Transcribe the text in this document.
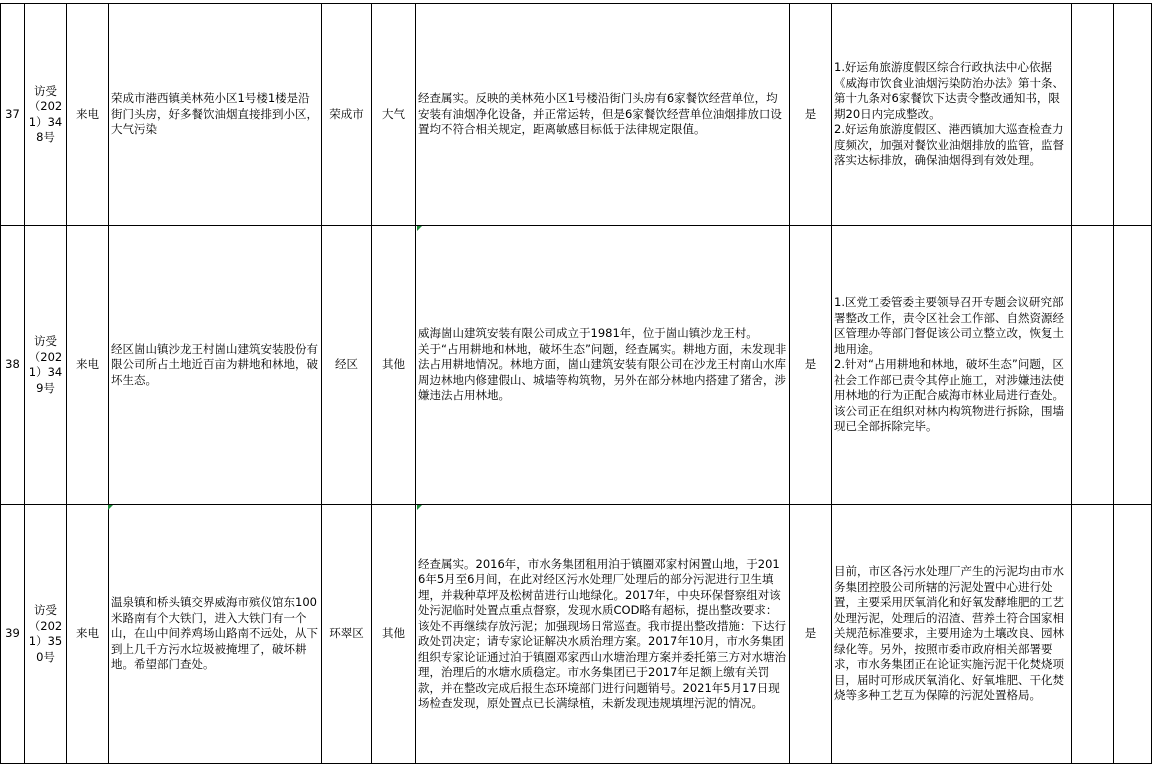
37	访受（2021）348号	来电	荣成市港西镇美林苑小区1号楼1楼是沿街门头房，好多餐饮油烟直接排到小区，大气污染	荣成市	大气	经查属实。反映的美林苑小区1号楼沿街门头房有6家餐饮经营单位，均安装有油烟净化设备，并正常运转，但是6家餐饮经营单位油烟排放口设置均不符合相关规定，距离敏感目标低于法律规定限值。	是	1.好运角旅游度假区综合行政执法中心依据《威海市饮食业油烟污染防治办法》第十条、第十九条对6家餐饮下达责令整改通知书，限期20日内完成整改。
2.好运角旅游度假区、港西镇加大巡查检查力度频次，加强对餐饮业油烟排放的监管，监督落实达标排放，确保油烟得到有效处理。		
38	访受（2021）349号	来电	经区崮山镇沙龙王村崮山建筑安装股份有限公司所占土地近百亩为耕地和林地，破坏生态。	经区	其他	威海崮山建筑安装有限公司成立于1981年，位于崮山镇沙龙王村。
关于“占用耕地和林地，破坏生态”问题，经查属实。耕地方面，未发现非法占用耕地情况。林地方面，崮山建筑安装有限公司在沙龙王村南山水库周边林地内修建假山、城墙等构筑物，另外在部分林地内搭建了猪舍，涉嫌违法占用林地。	是	1.区党工委管委主要领导召开专题会议研究部署整改工作，责令区社会工作部、自然资源经区管理办等部门督促该公司立整立改，恢复土地用途。
2.针对“占用耕地和林地，破坏生态”问题，区社会工作部已责令其停止施工，对涉嫌违法使用林地的行为正配合威海市林业局进行查处。该公司正在组织对林内构筑物进行拆除，围墙现已全部拆除完毕。		
39	访受（2021）350号	来电	温泉镇和桥头镇交界威海市殡仪馆东100米路南有个大铁门，进入大铁门有一个山，在山中间养鸡场山路南不远处，从下到上几千方污水垃圾被掩埋了，破坏耕地。希望部门查处。	环翠区	其他	经查属实。2016年，市水务集团租用泊于镇圈邓家村闲置山地，于2016年5月至6月间，在此对经区污水处理厂处理后的部分污泥进行卫生填埋，并栽种草坪及松树苗进行山地绿化。2017年，中央环保督察组对该处污泥临时处置点重点督察，发现水质COD略有超标，提出整改要求：该处不再继续存放污泥；加强现场日常巡查。我市提出整改措施：下达行政处罚决定；请专家论证解决水质治理方案。2017年10月，市水务集团组织专家论证通过泊于镇圈邓家西山水塘治理方案并委托第三方对水塘治理，治理后的水塘水质稳定。市水务集团已于2017年足额上缴有关罚款，并在整改完成后报生态环境部门进行问题销号。2021年5月17日现场检查发现，原处置点已长满绿植，未新发现违规填埋污泥的情况。	是	目前，市区各污水处理厂产生的污泥均由市水务集团控股公司所辖的污泥处置中心进行处置，主要采用厌氧消化和好氧发酵堆肥的工艺处理污泥，处理后的沼渣、营养土符合国家相关规范标准要求，主要用途为土壤改良、园林绿化等。另外，按照市委市政府相关部署要求，市水务集团正在论证实施污泥干化焚烧项目，届时可形成厌氧消化、好氧堆肥、干化焚烧等多种工艺互为保障的污泥处置格局。		
